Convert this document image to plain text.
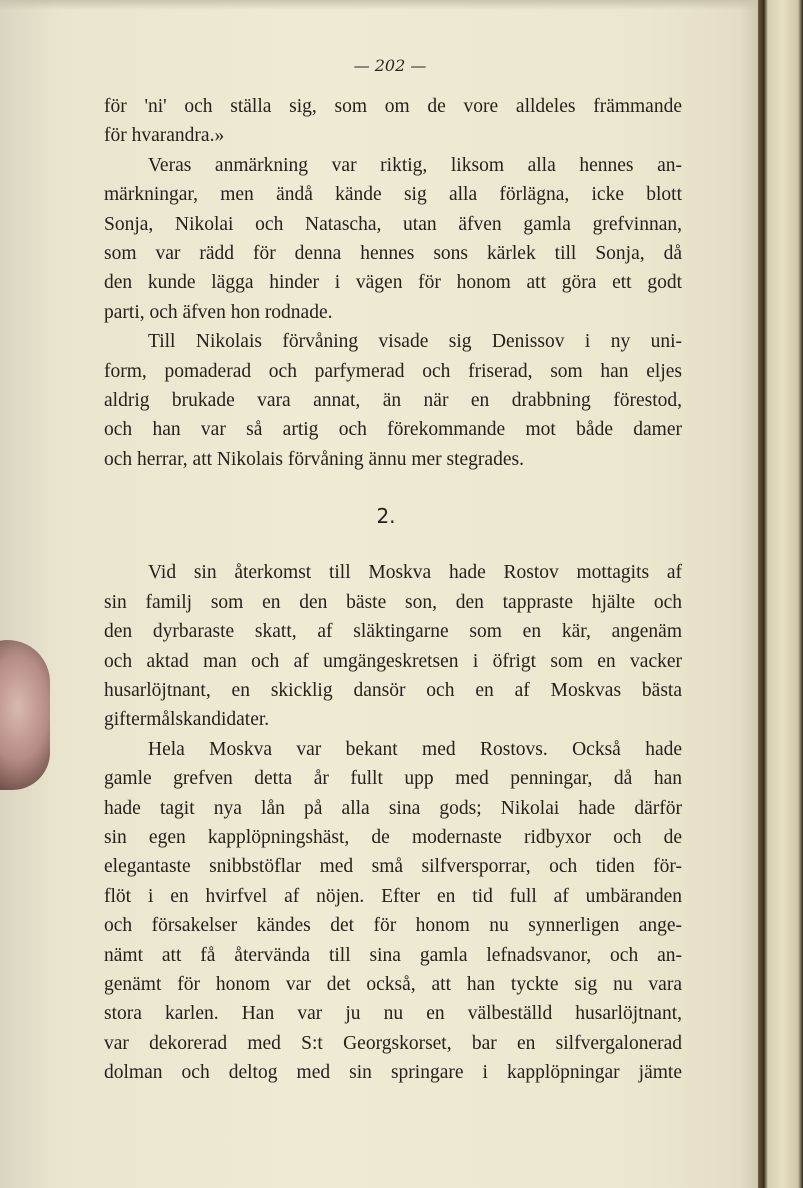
— 202 —
för 'ni' och ställa sig, som om de vore alldeles främmande
för hvarandra.»
Veras anmärkning var riktig, liksom alla hennes an-
märkningar, men ändå kände sig alla förlägna, icke blott
Sonja, Nikolai och Natascha, utan äfven gamla grefvinnan,
som var rädd för denna hennes sons kärlek till Sonja, då
den kunde lägga hinder i vägen för honom att göra ett godt
parti, och äfven hon rodnade.
Till Nikolais förvåning visade sig Denissov i ny uni-
form, pomaderad och parfymerad och friserad, som han eljes
aldrig brukade vara annat, än när en drabbning förestod,
och han var så artig och förekommande mot både damer
och herrar, att Nikolais förvåning ännu mer stegrades.
2.
Vid sin återkomst till Moskva hade Rostov mottagits af
sin familj som en den bäste son, den tappraste hjälte och
den dyrbaraste skatt, af släktingarne som en kär, angenäm
och aktad man och af umgängeskretsen i öfrigt som en vacker
husarlöjtnant, en skicklig dansör och en af Moskvas bästa
giftermålskandidater.
Hela Moskva var bekant med Rostovs. Också hade
gamle grefven detta år fullt upp med penningar, då han
hade tagit nya lån på alla sina gods; Nikolai hade därför
sin egen kapplöpningshäst, de modernaste ridbyxor och de
elegantaste snibbstöflar med små silfversporrar, och tiden för-
flöt i en hvirfvel af nöjen. Efter en tid full af umbäranden
och försakelser kändes det för honom nu synnerligen ange-
nämt att få återvända till sina gamla lefnadsvanor, och an-
genämt för honom var det också, att han tyckte sig nu vara
stora karlen. Han var ju nu en välbeställd husarlöjtnant,
var dekorerad med S:t Georgskorset, bar en silfvergalonerad
dolman och deltog med sin springare i kapplöpningar jämte
